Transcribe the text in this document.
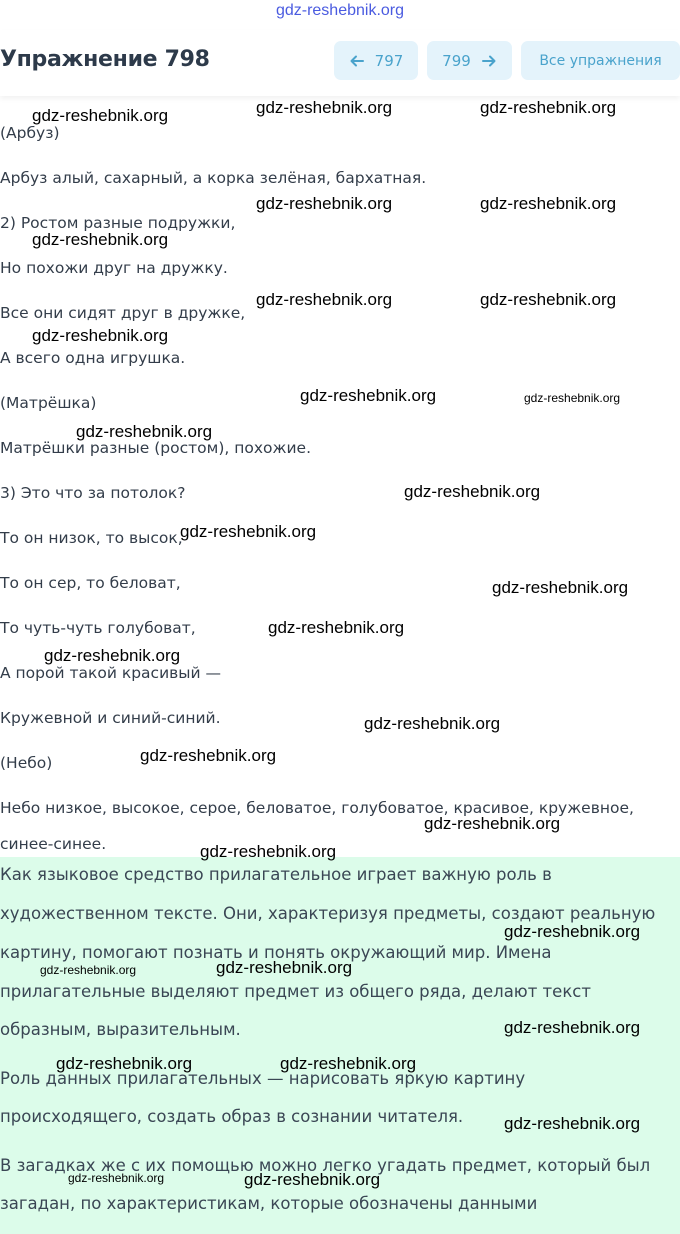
gdz-reshebnik.org
Упражнение 798	797	799	Все упражнения
(Арбуз)
Арбуз алый, сахарный, а корка зелёная, бархатная.
2) Ростом разные подружки,
Но похожи друг на дружку.
Все они сидят друг в дружке,
А всего одна игрушка.
(Матрёшка)
Матрёшки разные (ростом), похожие.
3) Это что за потолок?
То он низок, то высок,
То он сер, то беловат,
То чуть-чуть голубоват,
А порой такой красивый —
Кружевной и синий-синий.
(Небо)
Небо низкое, высокое, серое, беловатое, голубоватое, красивое, кружевное,
синее-синее.
Как языковое средство прилагательное играет важную роль в
художественном тексте. Они, характеризуя предметы, создают реальную
картину, помогают познать и понять окружающий мир. Имена
прилагательные выделяют предмет из общего ряда, делают текст
образным, выразительным.
Роль данных прилагательных — нарисовать яркую картину
происходящего, создать образ в сознании читателя.
В загадках же с их помощью можно легко угадать предмет, который был
загадан, по характеристикам, которые обозначены данными
gdz-reshebnik.org	gdz-reshebnik.org	gdz-reshebnik.org
gdz-reshebnik.org	gdz-reshebnik.org
gdz-reshebnik.org
gdz-reshebnik.org	gdz-reshebnik.org
gdz-reshebnik.org
gdz-reshebnik.org	gdz-reshebnik.org
gdz-reshebnik.org
gdz-reshebnik.org
gdz-reshebnik.org
gdz-reshebnik.org
gdz-reshebnik.org
gdz-reshebnik.org
gdz-reshebnik.org
gdz-reshebnik.org
gdz-reshebnik.org
gdz-reshebnik.org
gdz-reshebnik.org
gdz-reshebnik.org	gdz-reshebnik.org
gdz-reshebnik.org
gdz-reshebnik.org	gdz-reshebnik.org
gdz-reshebnik.org
gdz-reshebnik.org	gdz-reshebnik.org
